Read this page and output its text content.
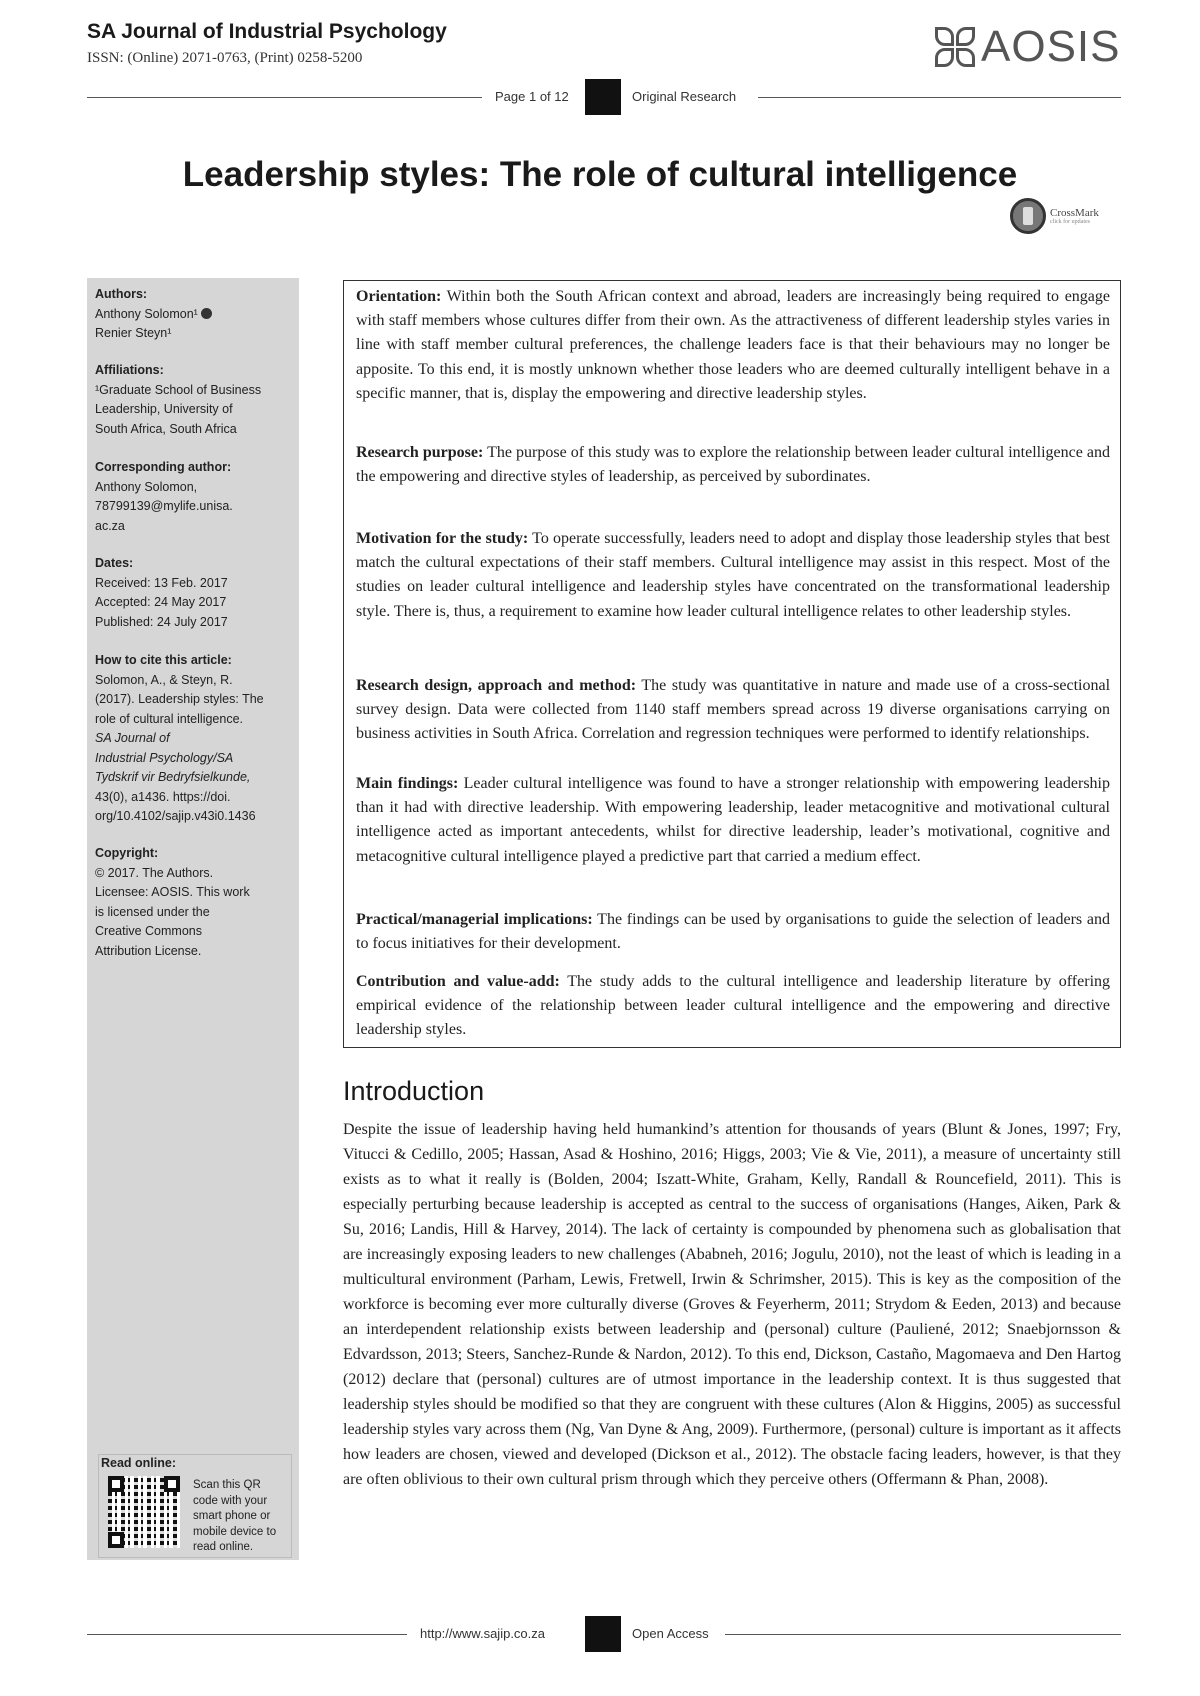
SA Journal of Industrial Psychology
ISSN: (Online) 2071-0763, (Print) 0258-5200	AOSIS
Page 1 of 12	Original Research
Leadership styles: The role of cultural intelligence
CrossMark
click for updates
Authors:
Anthony Solomon¹
Renier Steyn¹
Affiliations:
¹Graduate School of Business
Leadership, University of
South Africa, South Africa
Corresponding author:
Anthony Solomon,
78799139@mylife.unisa.
ac.za
Dates:
Received: 13 Feb. 2017
Accepted: 24 May 2017
Published: 24 July 2017
How to cite this article:
Solomon, A., & Steyn, R.
(2017). Leadership styles: The
role of cultural intelligence.
SA Journal of
Industrial Psychology/SA
Tydskrif vir Bedryfsielkunde,
43(0), a1436. https://doi.
org/10.4102/sajip.v43i0.1436
Copyright:
© 2017. The Authors.
Licensee: AOSIS. This work
is licensed under the
Creative Commons
Attribution License.
Read online:
Scan this QR code with your smart phone or mobile device to read online.
Orientation: Within both the South African context and abroad, leaders are increasingly being required to engage with staff members whose cultures differ from their own. As the attractiveness of different leadership styles varies in line with staff member cultural preferences, the challenge leaders face is that their behaviours may no longer be apposite. To this end, it is mostly unknown whether those leaders who are deemed culturally intelligent behave in a specific manner, that is, display the empowering and directive leadership styles.
Research purpose: The purpose of this study was to explore the relationship between leader cultural intelligence and the empowering and directive styles of leadership, as perceived by subordinates.
Motivation for the study: To operate successfully, leaders need to adopt and display those leadership styles that best match the cultural expectations of their staff members. Cultural intelligence may assist in this respect. Most of the studies on leader cultural intelligence and leadership styles have concentrated on the transformational leadership style. There is, thus, a requirement to examine how leader cultural intelligence relates to other leadership styles.
Research design, approach and method: The study was quantitative in nature and made use of a cross-sectional survey design. Data were collected from 1140 staff members spread across 19 diverse organisations carrying on business activities in South Africa. Correlation and regression techniques were performed to identify relationships.
Main findings: Leader cultural intelligence was found to have a stronger relationship with empowering leadership than it had with directive leadership. With empowering leadership, leader metacognitive and motivational cultural intelligence acted as important antecedents, whilst for directive leadership, leader’s motivational, cognitive and metacognitive cultural intelligence played a predictive part that carried a medium effect.
Practical/managerial implications: The findings can be used by organisations to guide the selection of leaders and to focus initiatives for their development.
Contribution and value-add: The study adds to the cultural intelligence and leadership literature by offering empirical evidence of the relationship between leader cultural intelligence and the empowering and directive leadership styles.
Introduction
Despite the issue of leadership having held humankind’s attention for thousands of years (Blunt & Jones, 1997; Fry, Vitucci & Cedillo, 2005; Hassan, Asad & Hoshino, 2016; Higgs, 2003; Vie & Vie, 2011), a measure of uncertainty still exists as to what it really is (Bolden, 2004; Iszatt-White, Graham, Kelly, Randall & Rouncefield, 2011). This is especially perturbing because leadership is accepted as central to the success of organisations (Hanges, Aiken, Park & Su, 2016; Landis, Hill & Harvey, 2014). The lack of certainty is compounded by phenomena such as globalisation that are increasingly exposing leaders to new challenges (Ababneh, 2016; Jogulu, 2010), not the least of which is leading in a multicultural environment (Parham, Lewis, Fretwell, Irwin & Schrimsher, 2015). This is key as the composition of the workforce is becoming ever more culturally diverse (Groves & Feyerherm, 2011; Strydom & Eeden, 2013) and because an interdependent relationship exists between leadership and (personal) culture (Pauliené, 2012; Snaebjornsson & Edvardsson, 2013; Steers, Sanchez-Runde & Nardon, 2012). To this end, Dickson, Castaño, Magomaeva and Den Hartog (2012) declare that (personal) cultures are of utmost importance in the leadership context. It is thus suggested that leadership styles should be modified so that they are congruent with these cultures (Alon & Higgins, 2005) as successful leadership styles vary across them (Ng, Van Dyne & Ang, 2009). Furthermore, (personal) culture is important as it affects how leaders are chosen, viewed and developed (Dickson et al., 2012). The obstacle facing leaders, however, is that they are often oblivious to their own cultural prism through which they perceive others (Offermann & Phan, 2008).
http://www.sajip.co.za	Open Access
